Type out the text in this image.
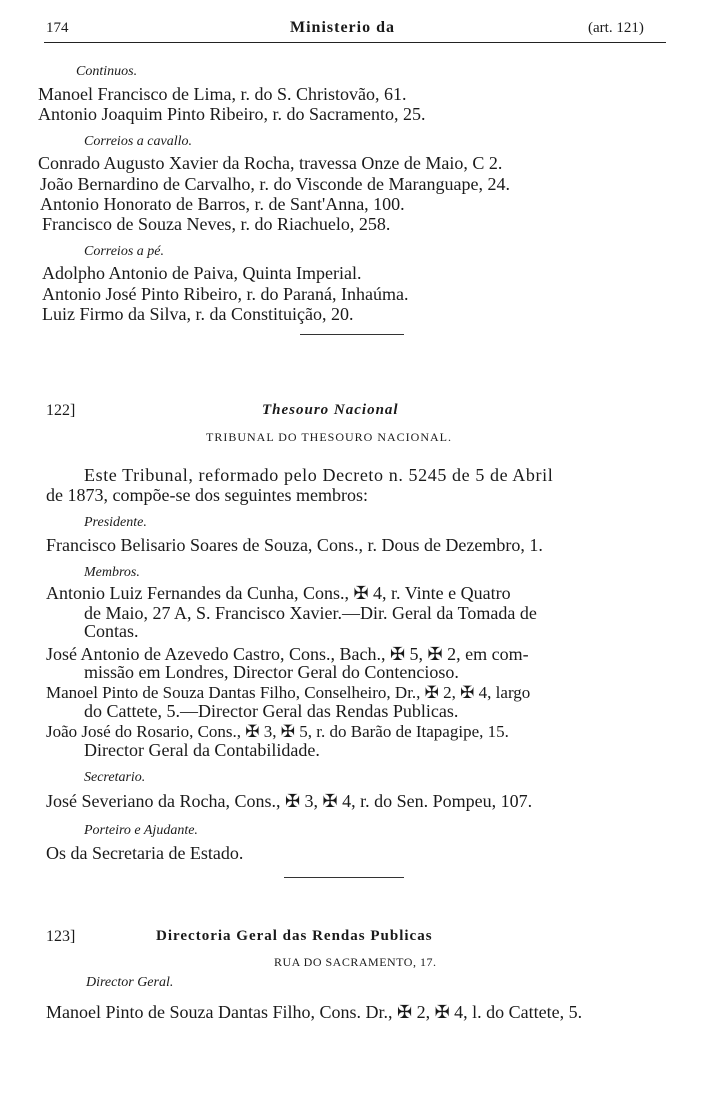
174	Ministerio da	(art. 121)
Continuos.
Manoel Francisco de Lima, r. do S. Christovão, 61.
Antonio Joaquim Pinto Ribeiro, r. do Sacramento, 25.
Correios a cavallo.
Conrado Augusto Xavier da Rocha, travessa Onze de Maio, C 2.
João Bernardino de Carvalho, r. do Visconde de Maranguape, 24.
Antonio Honorato de Barros, r. de Sant'Anna, 100.
Francisco de Souza Neves, r. do Riachuelo, 258.
Correios a pé.
Adolpho Antonio de Paiva, Quinta Imperial.
Antonio José Pinto Ribeiro, r. do Paraná, Inhaúma.
Luiz Firmo da Silva, r. da Constituição, 20.
122]	Thesouro Nacional
TRIBUNAL DO THESOURO NACIONAL.
Este Tribunal, reformado pelo Decreto n. 5245 de 5 de Abril
de 1873, compõe-se dos seguintes membros:
Presidente.
Francisco Belisario Soares de Souza, Cons., r. Dous de Dezembro, 1.
Membros.
Antonio Luiz Fernandes da Cunha, Cons., ✠ 4, r. Vinte e Quatro
de Maio, 27 A, S. Francisco Xavier.—Dir. Geral da Tomada de
Contas.
José Antonio de Azevedo Castro, Cons., Bach., ✠ 5, ✠ 2, em com-
missão em Londres, Director Geral do Contencioso.
Manoel Pinto de Souza Dantas Filho, Conselheiro, Dr., ✠ 2, ✠ 4, largo
do Cattete, 5.—Director Geral das Rendas Publicas.
João José do Rosario, Cons., ✠ 3, ✠ 5, r. do Barão de Itapagipe, 15.
Director Geral da Contabilidade.
Secretario.
José Severiano da Rocha, Cons., ✠ 3, ✠ 4, r. do Sen. Pompeu, 107.
Porteiro e Ajudante.
Os da Secretaria de Estado.
123]	Directoria Geral das Rendas Publicas
RUA DO SACRAMENTO, 17.
Director Geral.
Manoel Pinto de Souza Dantas Filho, Cons. Dr., ✠ 2, ✠ 4, l. do Cattete, 5.
